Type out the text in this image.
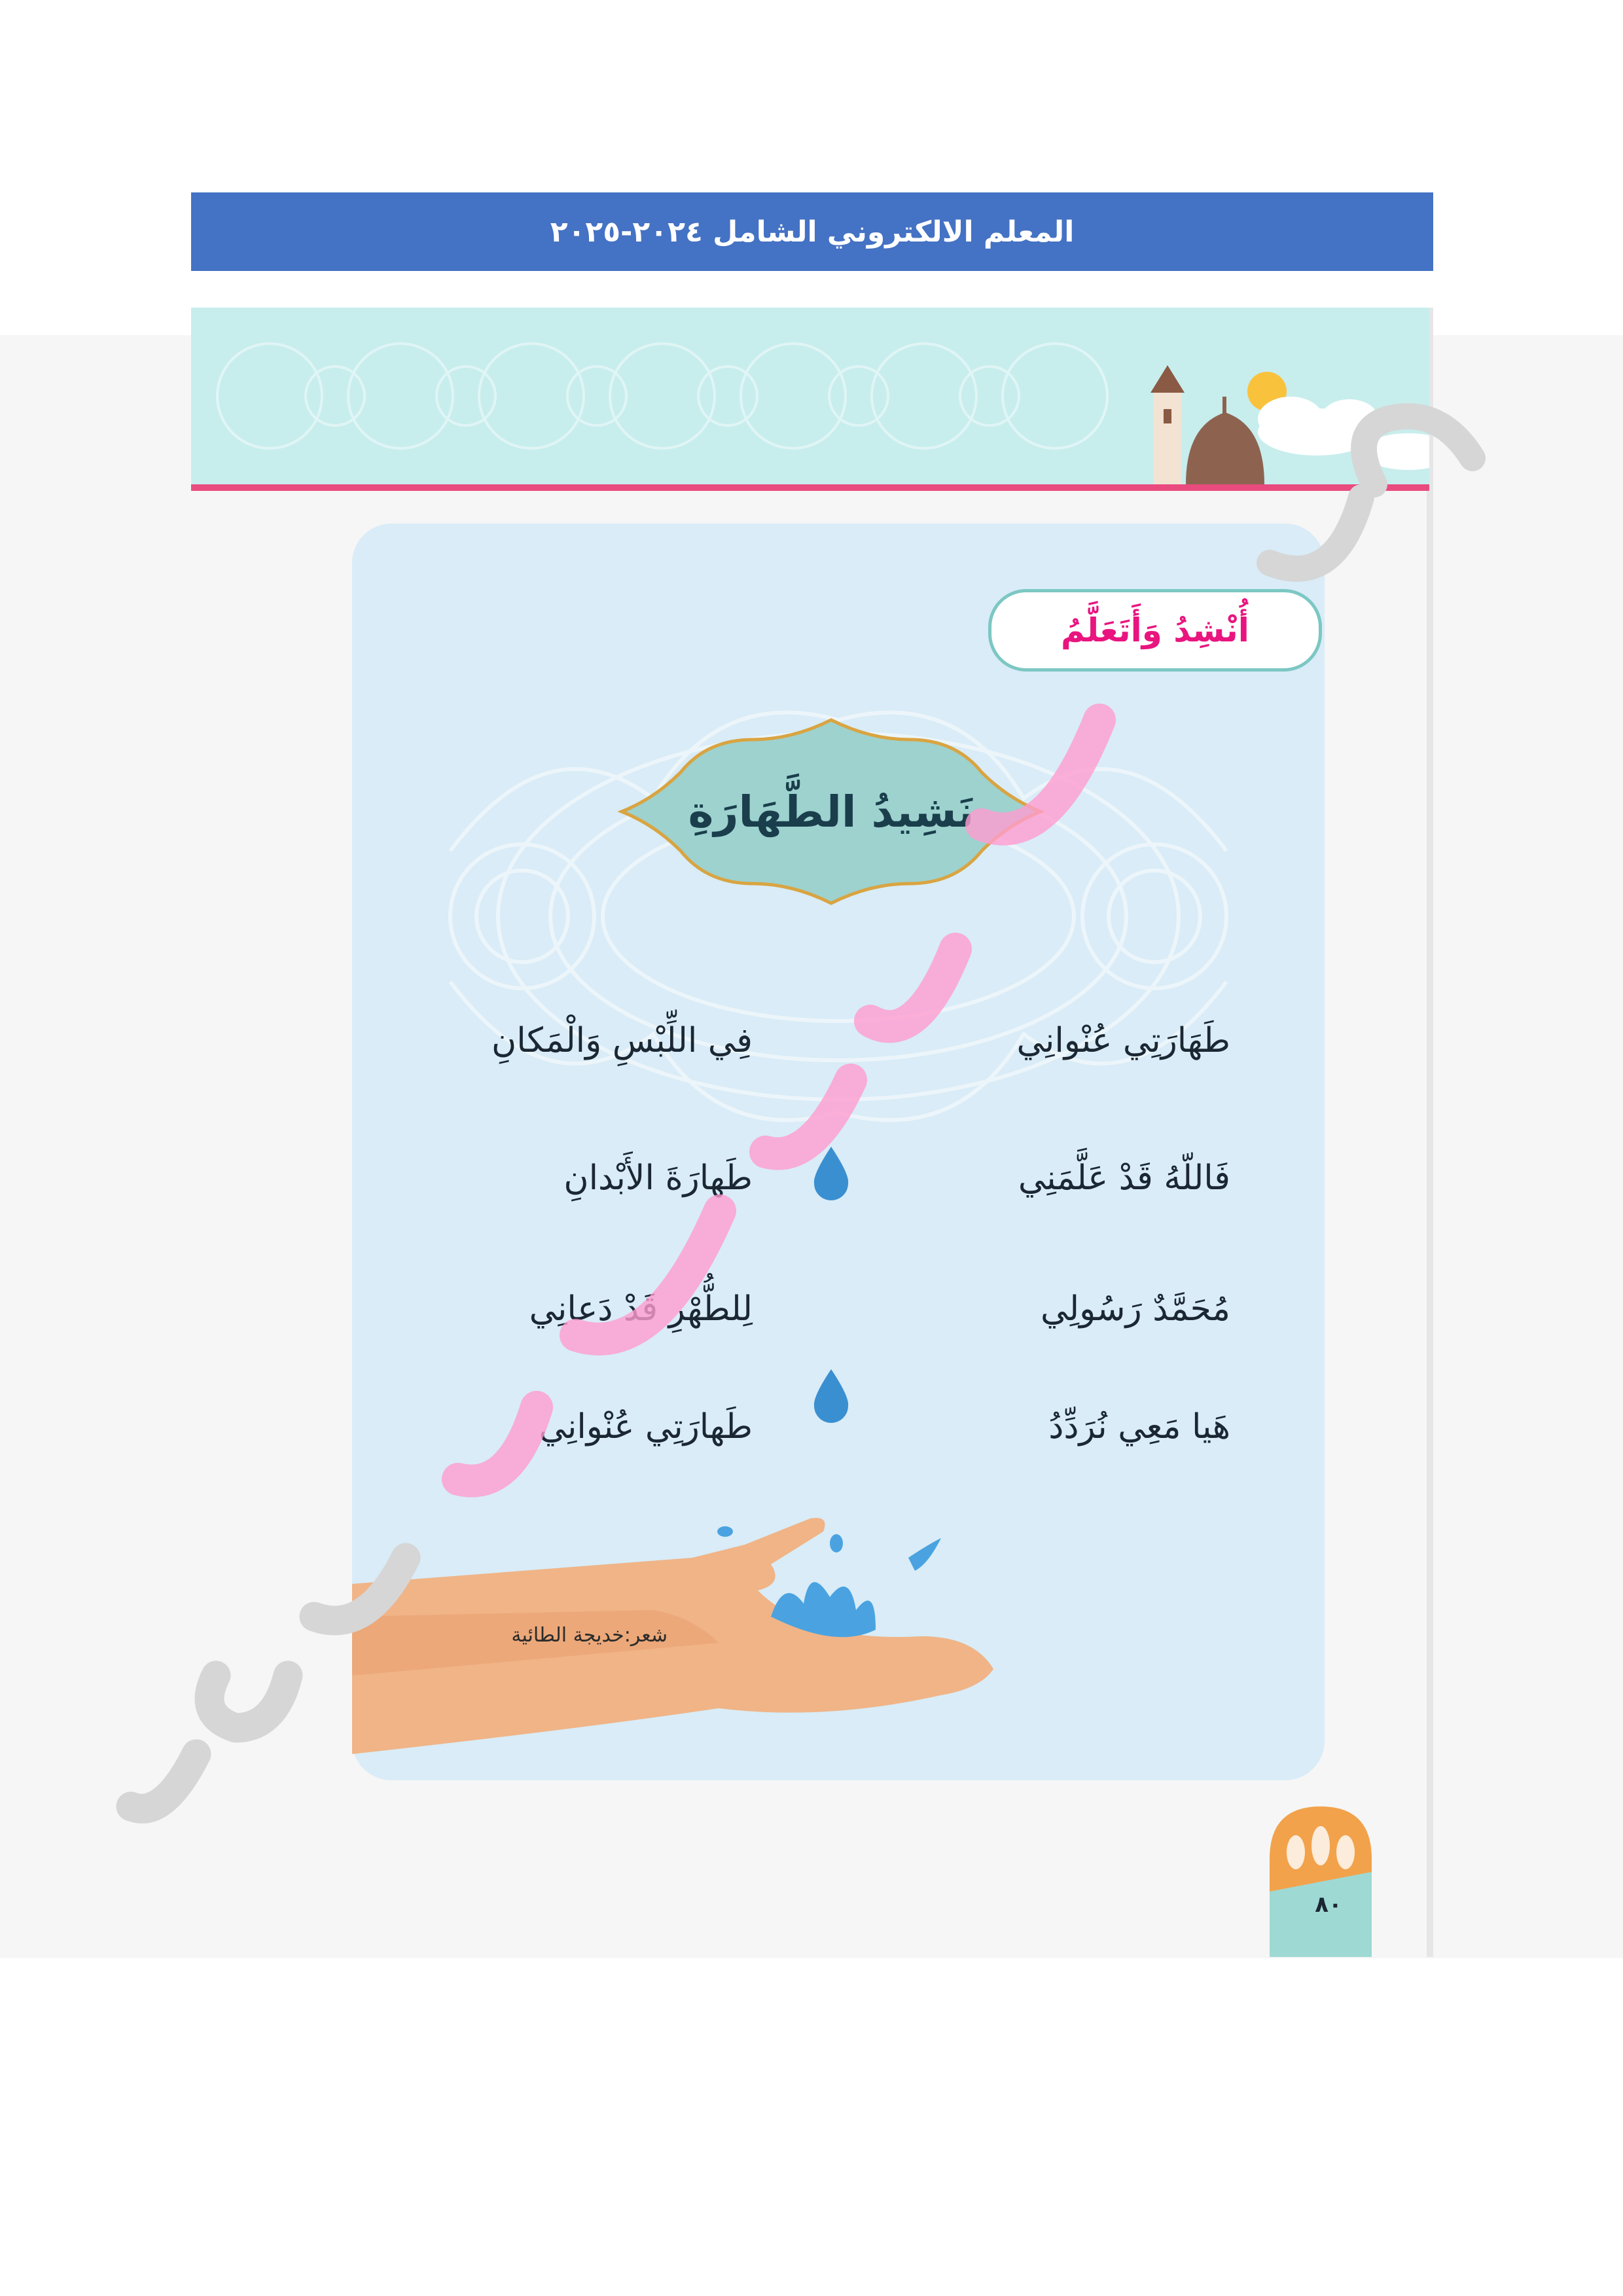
المعلم الالكتروني الشامل ٢٠٢٤-٢٠٢٥
أُنْشِدُ وَأَتَعَلَّمُ
نَشِيدُ الطَّهَارَةِ
طَهَارَتِي عُنْوانِي
فِي اللِّبْسِ وَالْمَكانِ
فَاللّهُ قَدْ عَلَّمَنِي
طَهارَةَ الأَبْدانِ
مُحَمَّدٌ رَسُولِي
لِلطُّهْرِ قَدْ دَعانِي
هَيا مَعِي نُرَدِّدُ
طَهارَتِي عُنْوانِي
شعر:خديجة الطائية
٨٠
